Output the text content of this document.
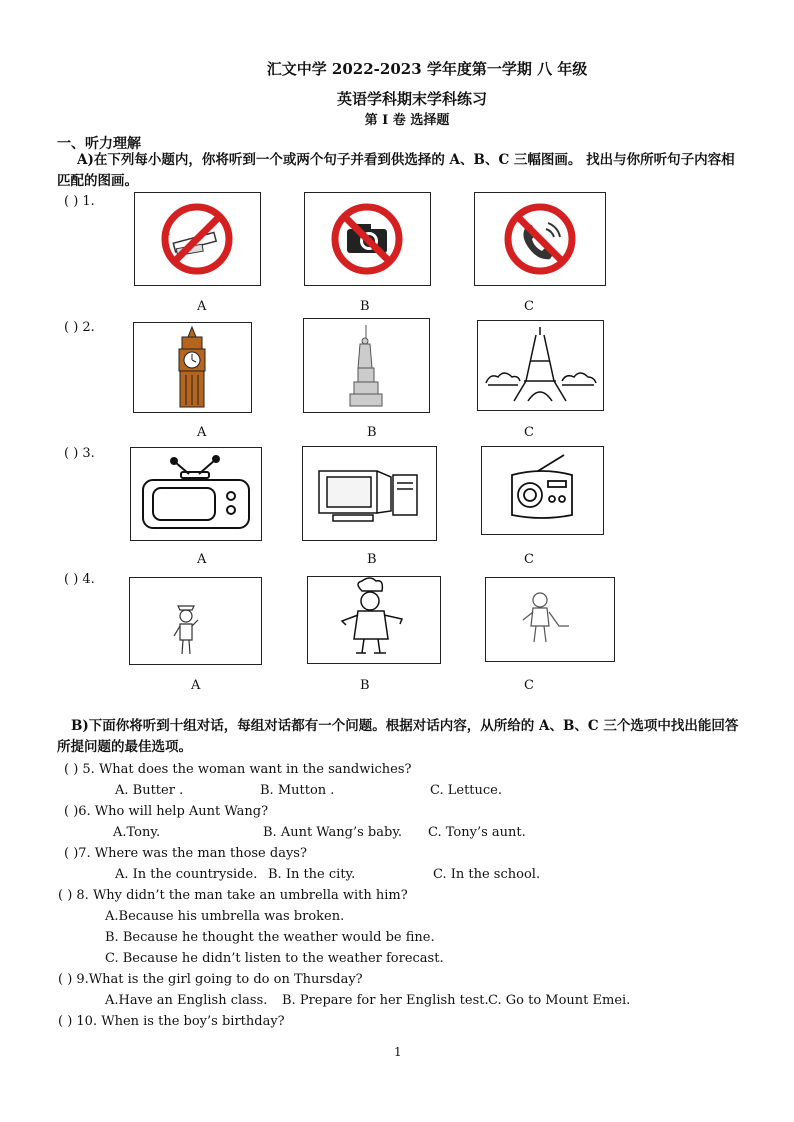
汇文中学 2022-2023 学年度第一学期 八 年级
英语学科期末学科练习
第 I 卷 选择题
一、听力理解
A)在下列每小题内，你将听到一个或两个句子并看到供选择的 A、B、C 三幅图画。 找出与你所听句子内容相匹配的图画。
( ) 1.
A	B	C
( ) 2.
A	B	C
( ) 3.
A	B	C
( ) 4.
A	B	C
B)下面你将听到十组对话，每组对话都有一个问题。根据对话内容，从所给的 A、B、C 三个选项中找出能回答所提问题的最佳选项。
( ) 5. What does the woman want in the sandwiches?
A. Butter .	B. Mutton .	C. Lettuce.
( )6. Who will help Aunt Wang?
A.Tony.	B. Aunt Wang’s baby. C. Tony’s aunt.
( )7. Where was the man those days?
A. In the countryside. B. In the city.	C. In the school.
( ) 8. Why didn’t the man take an umbrella with him?
A.Because his umbrella was broken.
B. Because he thought the weather would be fine.
C. Because he didn’t listen to the weather forecast.
( ) 9.What is the girl going to do on Thursday?
A.Have an English class. B. Prepare for her English test. C. Go to Mount Emei.
( ) 10. When is the boy’s birthday?
1
